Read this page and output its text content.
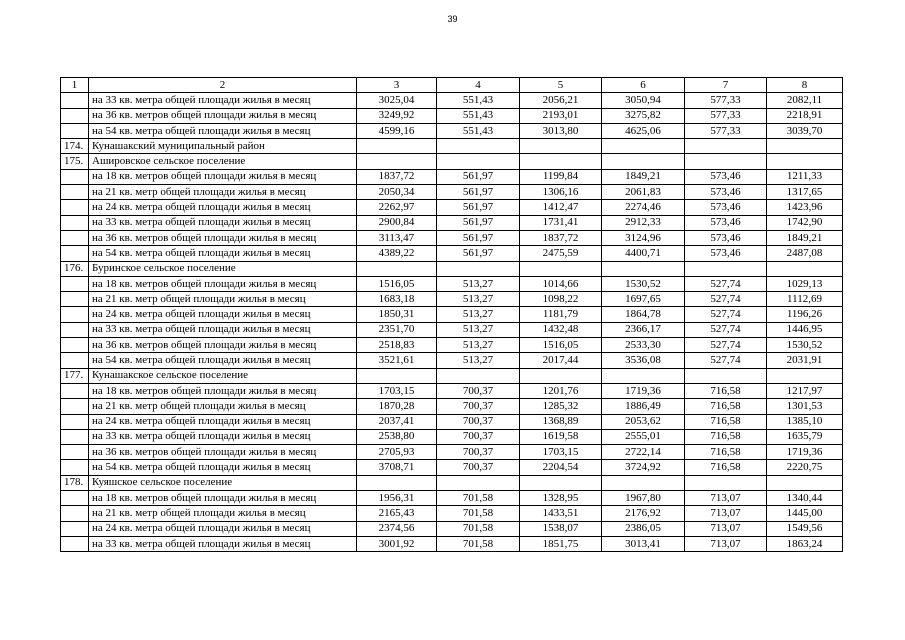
39
1	2	3	4	5	6	7	8
	на 33 кв. метра общей площади жилья в месяц	3025,04	551,43	2056,21	3050,94	577,33	2082,11
	на 36 кв. метров общей площади жилья в месяц	3249,92	551,43	2193,01	3275,82	577,33	2218,91
	на 54 кв. метра общей площади жилья в месяц	4599,16	551,43	3013,80	4625,06	577,33	3039,70
174.	Кунашакский муниципальный район						
175.	Ашировское сельское поселение						
	на 18 кв. метров общей площади жилья в месяц	1837,72	561,97	1199,84	1849,21	573,46	1211,33
	на 21 кв. метр общей площади жилья в месяц	2050,34	561,97	1306,16	2061,83	573,46	1317,65
	на 24 кв. метра общей площади жилья в месяц	2262,97	561,97	1412,47	2274,46	573,46	1423,96
	на 33 кв. метра общей площади жилья в месяц	2900,84	561,97	1731,41	2912,33	573,46	1742,90
	на 36 кв. метров общей площади жилья в месяц	3113,47	561,97	1837,72	3124,96	573,46	1849,21
	на 54 кв. метра общей площади жилья в месяц	4389,22	561,97	2475,59	4400,71	573,46	2487,08
176.	Буринское сельское поселение						
	на 18 кв. метров общей площади жилья в месяц	1516,05	513,27	1014,66	1530,52	527,74	1029,13
	на 21 кв. метр общей площади жилья в месяц	1683,18	513,27	1098,22	1697,65	527,74	1112,69
	на 24 кв. метра общей площади жилья в месяц	1850,31	513,27	1181,79	1864,78	527,74	1196,26
	на 33 кв. метра общей площади жилья в месяц	2351,70	513,27	1432,48	2366,17	527,74	1446,95
	на 36 кв. метров общей площади жилья в месяц	2518,83	513,27	1516,05	2533,30	527,74	1530,52
	на 54 кв. метра общей площади жилья в месяц	3521,61	513,27	2017,44	3536,08	527,74	2031,91
177.	Кунашакское сельское поселение						
	на 18 кв. метров общей площади жилья в месяц	1703,15	700,37	1201,76	1719,36	716,58	1217,97
	на 21 кв. метр общей площади жилья в месяц	1870,28	700,37	1285,32	1886,49	716,58	1301,53
	на 24 кв. метра общей площади жилья в месяц	2037,41	700,37	1368,89	2053,62	716,58	1385,10
	на 33 кв. метра общей площади жилья в месяц	2538,80	700,37	1619,58	2555,01	716,58	1635,79
	на 36 кв. метров общей площади жилья в месяц	2705,93	700,37	1703,15	2722,14	716,58	1719,36
	на 54 кв. метра общей площади жилья в месяц	3708,71	700,37	2204,54	3724,92	716,58	2220,75
178.	Куяшское сельское поселение						
	на 18 кв. метров общей площади жилья в месяц	1956,31	701,58	1328,95	1967,80	713,07	1340,44
	на 21 кв. метр общей площади жилья в месяц	2165,43	701,58	1433,51	2176,92	713,07	1445,00
	на 24 кв. метра общей площади жилья в месяц	2374,56	701,58	1538,07	2386,05	713,07	1549,56
	на 33 кв. метра общей площади жилья в месяц	3001,92	701,58	1851,75	3013,41	713,07	1863,24
